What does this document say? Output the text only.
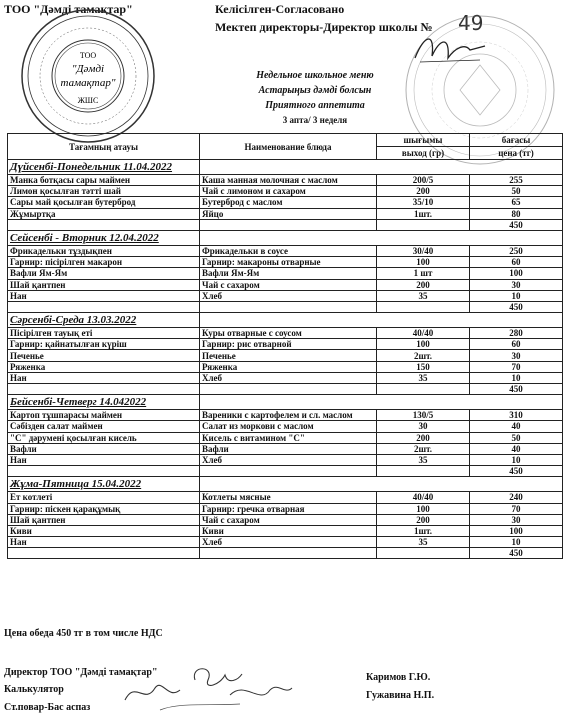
ТОО "Дәмді тамақтар"	Келісілген-Согласовано
Мектеп директоры-Директор школы № 49
ТОО
"Дәмді
тамақтар"
ЖШС
Недельное школьное меню
Астарыңыз дәмді болсын
Приятного аппетита
3 апта/ 3 неделя
Тағамның атауы	Наименование блюда	шығымы	бағасы
		выход (гр)	цена (тг)
Дүйсенбі-Понедельник 11.04.2022			
Манка ботқасы сары маймен	Каша манная молочная с маслом	200/5	255
Лимон қосылған тәтті шай	Чай с лимоном и сахаром	200	50
Сары май қосылған бутерброд	Бутерброд с маслом	35/10	65
Жұмыртқа	Яйцо	1шт.	80
			450
Сейсенбі - Вторник 12.04.2022			
Фрикадельки тұздықпен	Фрикадельки в соусе	30/40	250
Гарнир: пісірілген макарон	Гарнир: макароны отварные	100	60
Вафли Ям-Ям	Вафли Ям-Ям	1 шт	100
Шай қантпен	Чай с сахаром	200	30
Нан	Хлеб	35	10
			450
Сәрсенбі-Среда 13.03.2022			
Пісірілген тауық еті	Куры отварные с соусом	40/40	280
Гарнир: қайнатылған күріш	Гарнир: рис отварной	100	60
Печенье	Печенье	2шт.	30
Ряженка	Ряженка	150	70
Нан	Хлеб	35	10
			450
Бейсенбі-Четверг 14.042022			
Картоп тұшпарасы маймен	Вареники с картофелем и сл. маслом	130/5	310
Сәбізден салат маймен	Салат из моркови с маслом	30	40
"С" дәрумені қосылған кисель	Кисель с витамином "С"	200	50
Вафли	Вафли	2шт.	40
Нан	Хлеб	35	10
			450
Жұма-Пятница 15.04.2022			
Ет котлеті	Котлеты мясные	40/40	240
Гарнир: піскен қарақұмық	Гарнир: гречка отварная	100	70
Шай қантпен	Чай с сахаром	200	30
Киви	Киви	1шт.	100
Нан	Хлеб	35	10
			450
Цена обеда 450 тг в том числе НДС
Директор ТОО "Дәмді тамақтар"
Калькулятор
Ст.повар-Бас аспаз
Каримов Г.Ю.
Гужавина Н.П.
